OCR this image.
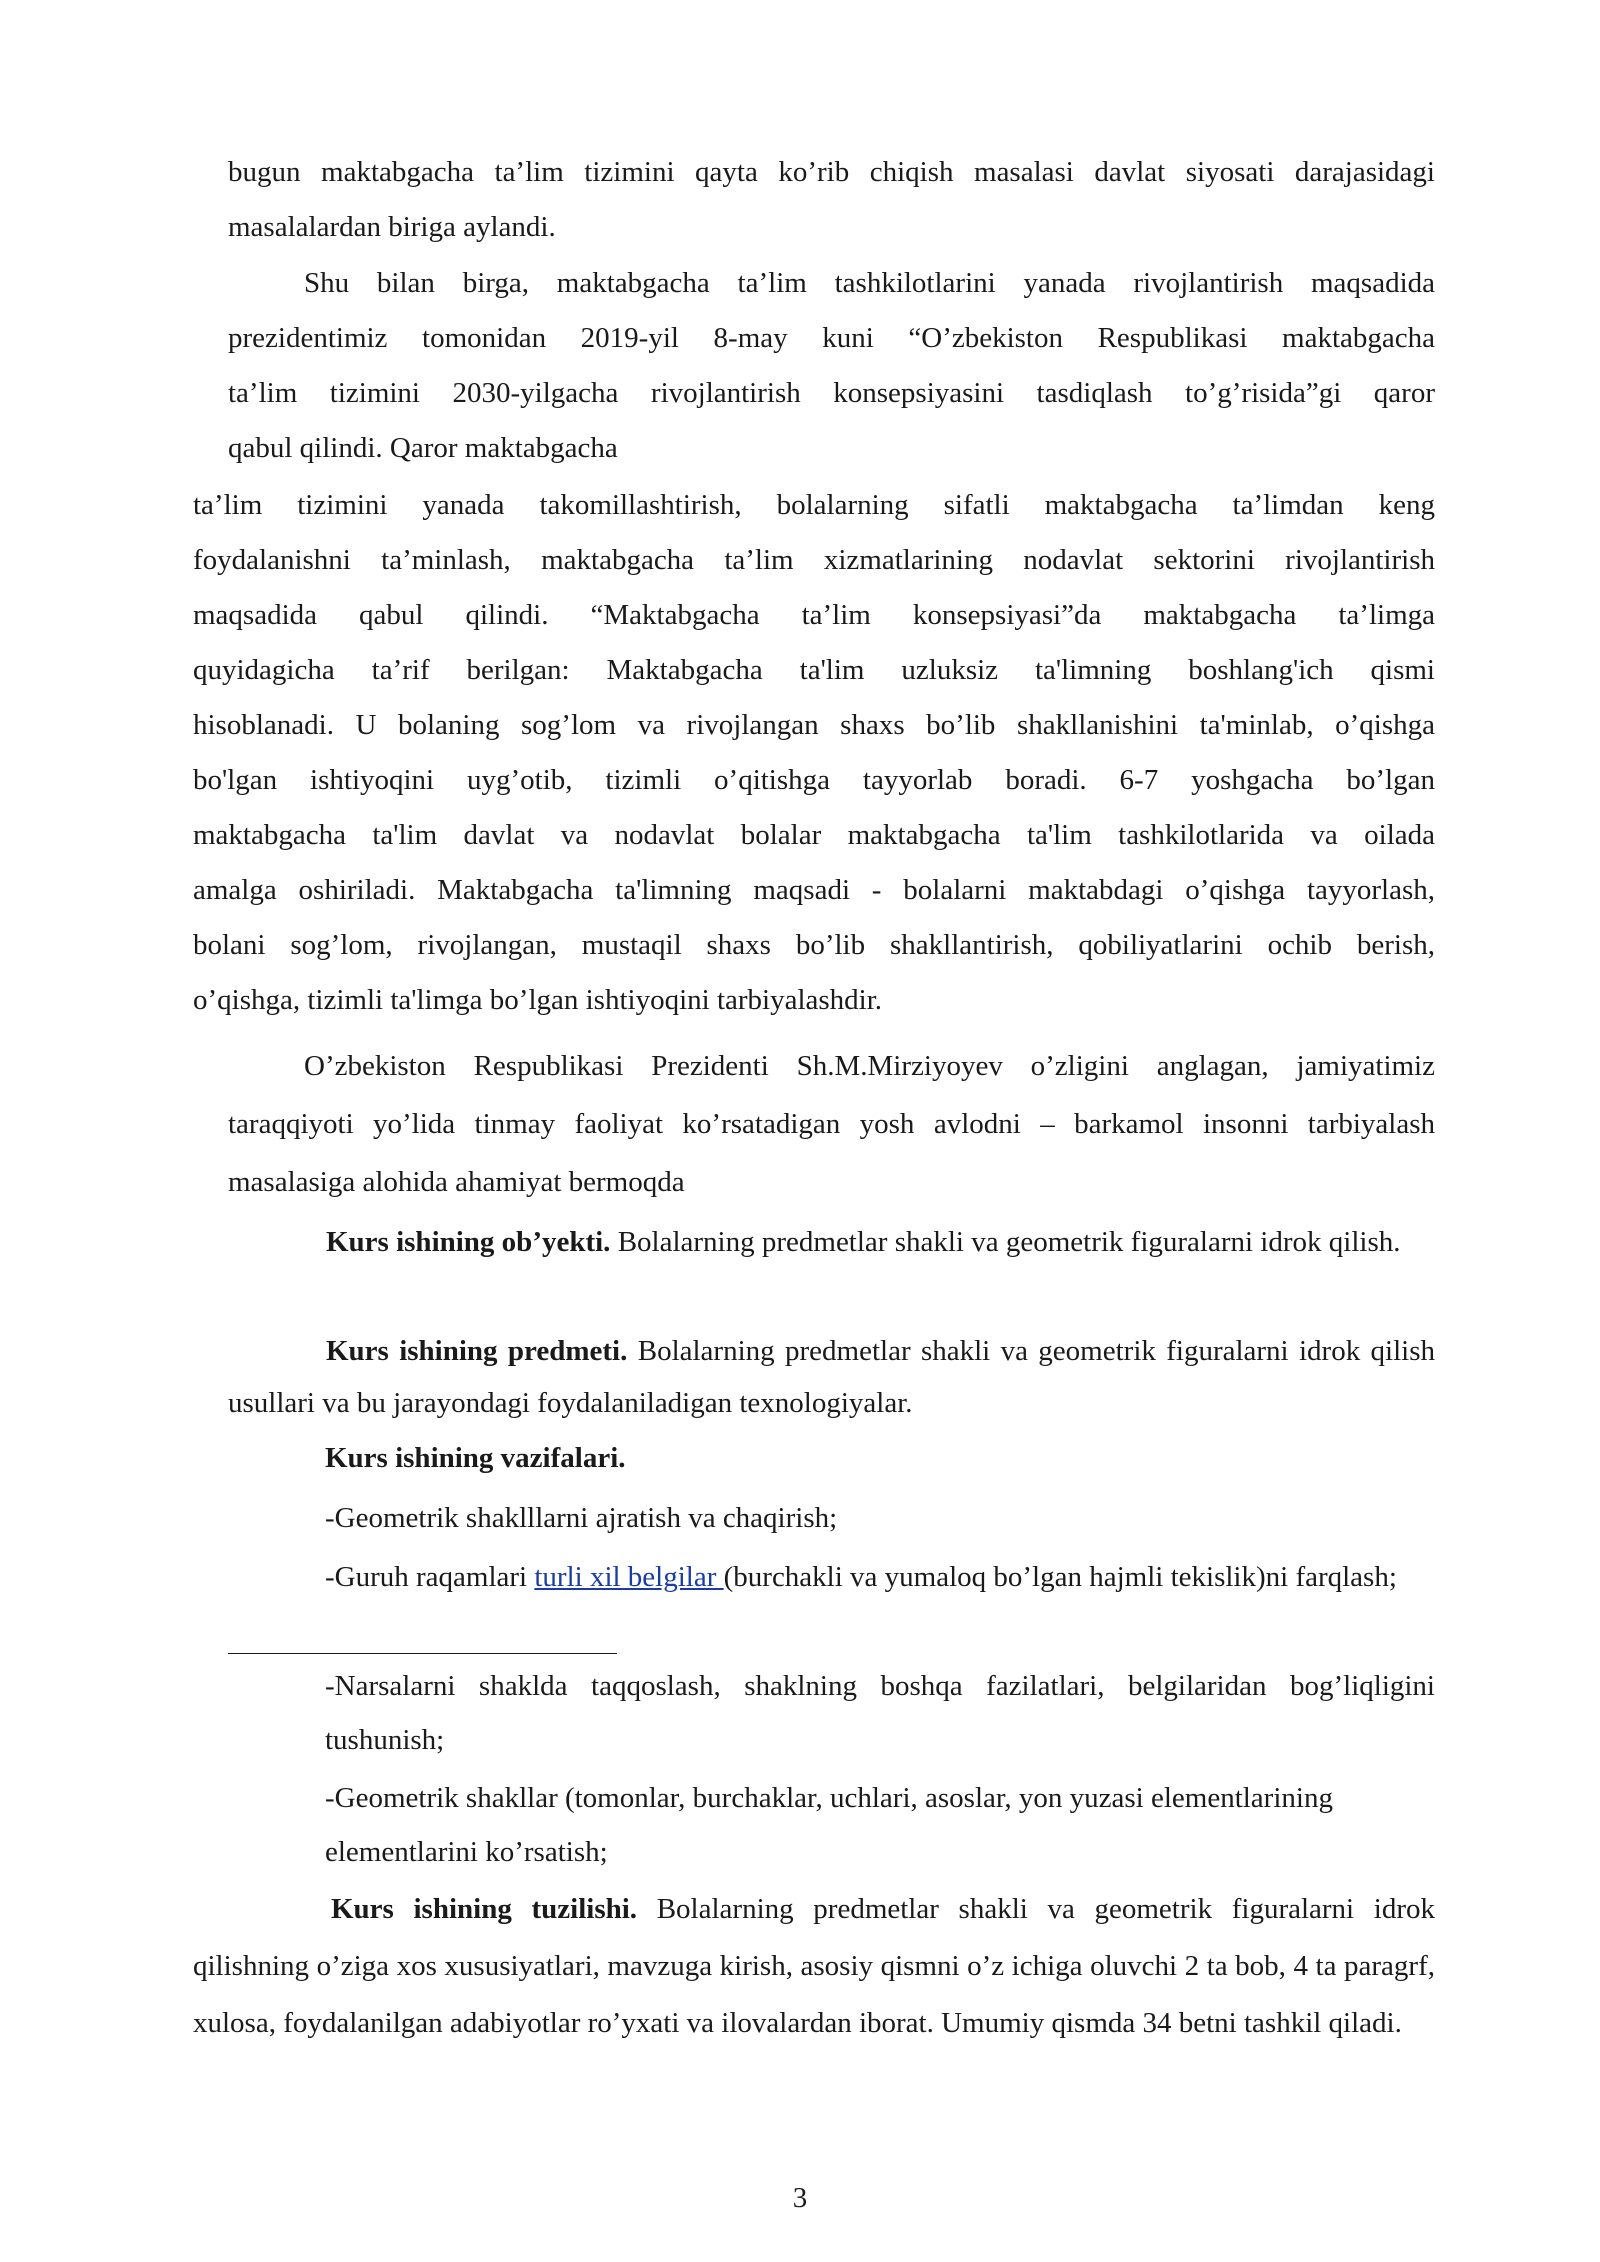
bugun maktabgacha ta’lim tizimini qayta ko’rib chiqish masalasi davlat siyosati darajasidagi
masalalardan biriga aylandi.
Shu bilan birga, maktabgacha ta’lim tashkilotlarini yanada rivojlantirish maqsadida
prezidentimiz tomonidan 2019-yil 8-may kuni “O’zbekiston Respublikasi maktabgacha
ta’lim tizimini 2030-yilgacha rivojlantirish konsepsiyasini tasdiqlash to’g’risida”gi qaror
qabul qilindi. Qaror maktabgacha
ta’lim tizimini yanada takomillashtirish, bolalarning sifatli maktabgacha ta’limdan keng
foydalanishni ta’minlash, maktabgacha ta’lim xizmatlarining nodavlat sektorini rivojlantirish
maqsadida qabul qilindi. “Maktabgacha ta’lim konsepsiyasi”da maktabgacha ta’limga
quyidagicha ta’rif berilgan: Maktabgacha ta'lim uzluksiz ta'limning boshlang'ich qismi
hisoblanadi. U bolaning sog’lom va rivojlangan shaxs bo’lib shakllanishini ta'minlab, o’qishga
bo'lgan ishtiyoqini uyg’otib, tizimli o’qitishga tayyorlab boradi. 6-7 yoshgacha bo’lgan
maktabgacha ta'lim davlat va nodavlat bolalar maktabgacha ta'lim tashkilotlarida va oilada
amalga oshiriladi. Maktabgacha ta'limning maqsadi - bolalarni maktabdagi o’qishga tayyorlash,
bolani sog’lom, rivojlangan, mustaqil shaxs bo’lib shakllantirish, qobiliyatlarini ochib berish,
o’qishga, tizimli ta'limga bo’lgan ishtiyoqini tarbiyalashdir.
O’zbekiston Respublikasi Prezidenti Sh.M.Mirziyoyev o’zligini anglagan, jamiyatimiz
taraqqiyoti yo’lida tinmay faoliyat ko’rsatadigan yosh avlodni – barkamol insonni tarbiyalash
masalasiga alohida ahamiyat bermoqda

Kurs ishining ob’yekti. Bolalarning predmetlar shakli va geometrik figuralarni idrok qilish.

Kurs ishining predmeti. Bolalarning predmetlar shakli va geometrik figuralarni idrok qilish usullari va bu jarayondagi foydalaniladigan texnologiyalar.

Kurs ishining vazifalari.

-Geometrik shaklllarni ajratish va chaqirish;

-Guruh raqamlari turli xil belgilar (burchakli va yumaloq bo’lgan hajmli tekislik)ni farqlash;

-Narsalarni shaklda taqqoslash, shaklning boshqa fazilatlari, belgilaridan bog’liqligini tushunish;

-Geometrik shakllar (tomonlar, burchaklar, uchlari, asoslar, yon yuzasi elementlarining elementlarini ko’rsatish;

Kurs ishining tuzilishi. Bolalarning predmetlar shakli va geometrik figuralarni idrok qilishning o’ziga xos xususiyatlari, mavzuga kirish, asosiy qismni o’z ichiga oluvchi 2 ta bob, 4 ta paragrf, xulosa, foydalanilgan adabiyotlar ro’yxati va ilovalardan iborat. Umumiy qismda 34 betni tashkil qiladi.

3
